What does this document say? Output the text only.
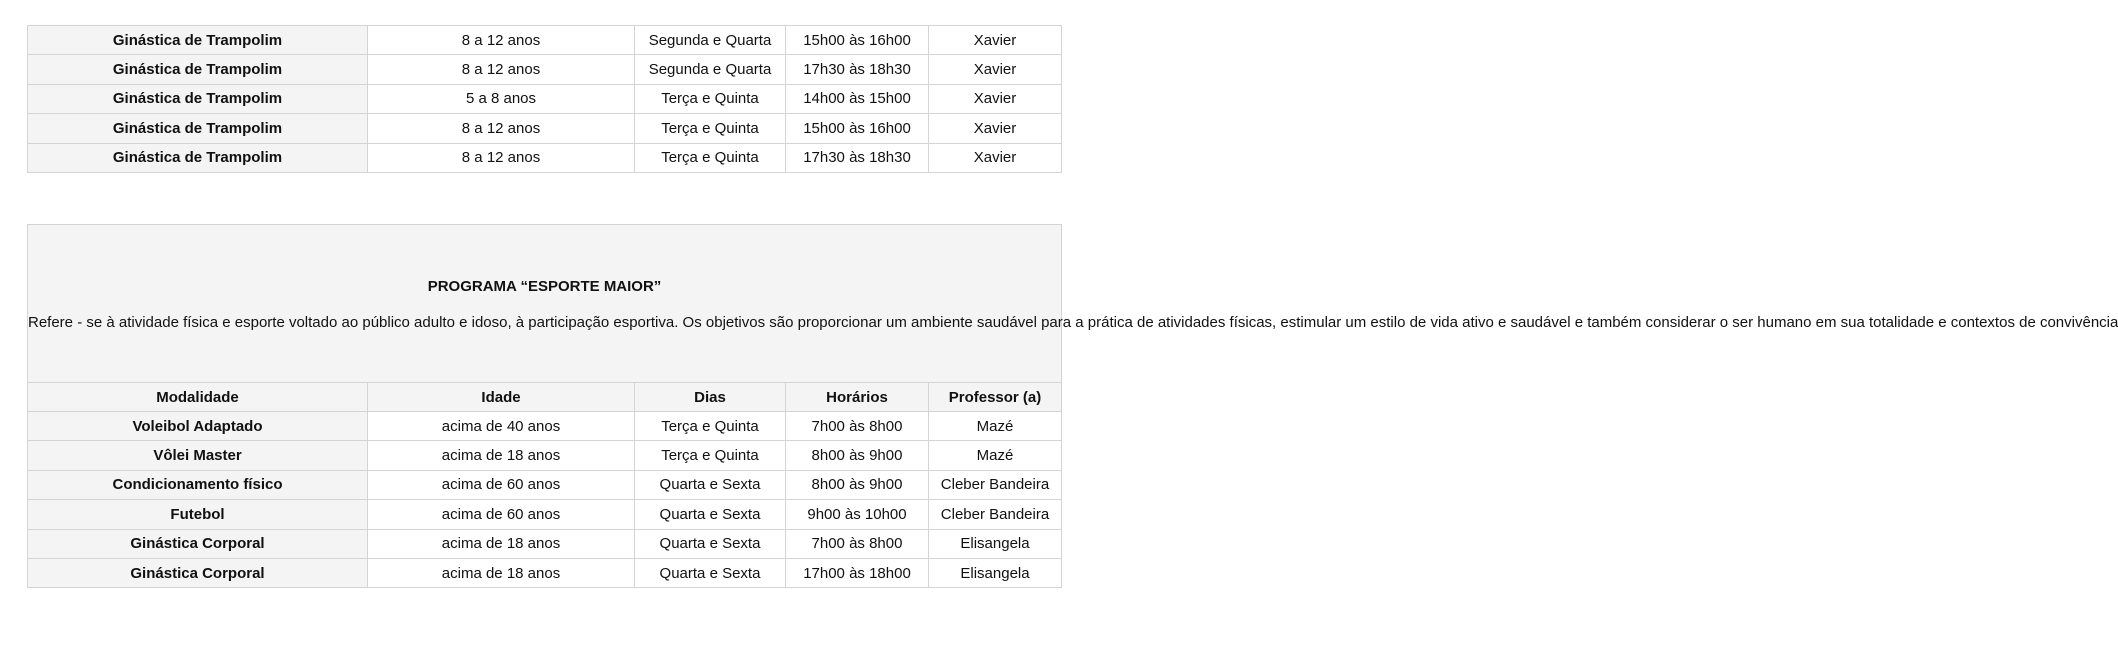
Ginástica de Trampolim	8 a 12 anos	Segunda e Quarta	15h00 às 16h00	Xavier
Ginástica de Trampolim	8 a 12 anos	Segunda e Quarta	17h30 às 18h30	Xavier
Ginástica de Trampolim	5 a 8 anos	Terça e Quinta	14h00 às 15h00	Xavier
Ginástica de Trampolim	8 a 12 anos	Terça e Quinta	15h00 às 16h00	Xavier
Ginástica de Trampolim	8 a 12 anos	Terça e Quinta	17h30 às 18h30	Xavier

PROGRAMA “ESPORTE MAIOR”

Refere - se à atividade física e esporte voltado ao público adulto e idoso, à participação esportiva. Os objetivos são proporcionar um ambiente saudável para a prática de atividades físicas, estimular um estilo de vida ativo e saudável e também considerar o ser humano em sua totalidade e contextos de convivência				

Modalidade	Idade	Dias	Horários	Professor (a)
Voleibol Adaptado	acima de 40 anos	Terça e Quinta	7h00 às 8h00	Mazé
Vôlei Master	acima de 18 anos	Terça e Quinta	8h00 às 9h00	Mazé
Condicionamento físico	acima de 60 anos	Quarta e Sexta	8h00 às 9h00	Cleber Bandeira
Futebol	acima de 60 anos	Quarta e Sexta	9h00 às 10h00	Cleber Bandeira
Ginástica Corporal	acima de 18 anos	Quarta e Sexta	7h00 às 8h00	Elisangela
Ginástica Corporal	acima de 18 anos	Quarta e Sexta	17h00 às 18h00	Elisangela
